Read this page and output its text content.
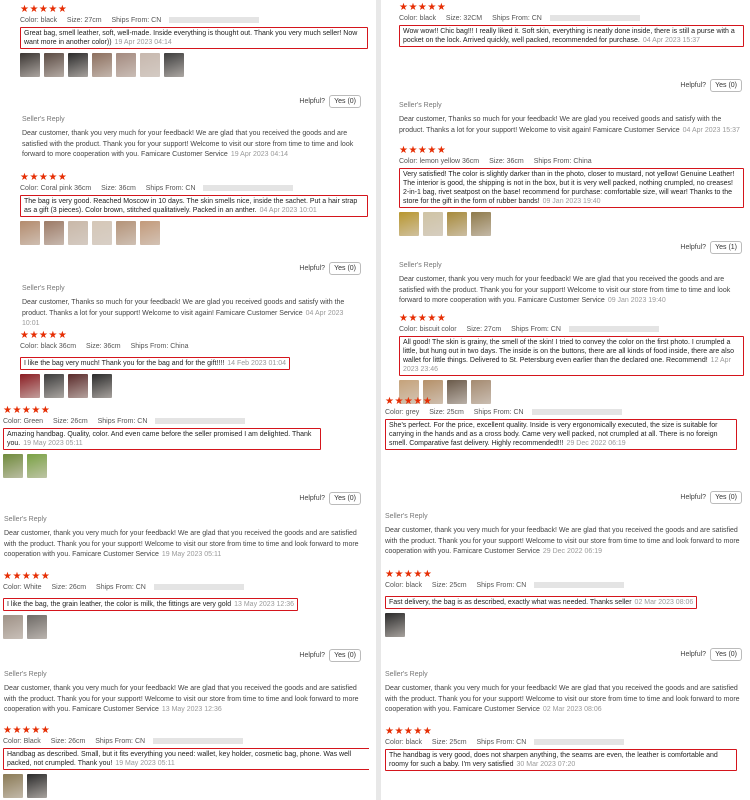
★★★★★
Color: black Size: 27cm Ships From: CN
Great bag, smell leather, soft, well-made. Inside everything is thought out. Thank you very much seller! Now want more in another color)) 19 Apr 2023 04:14
Helpful?	Yes (0)
Seller's Reply
Dear customer, thank you very much for your feedback! We are glad that you received the goods and are satisfied with the product. Thank you for your support! Welcome to visit our store from time to time and look forward to more cooperation with you. Famicare Customer Service 19 Apr 2023 04:14
★★★★★
Color: Coral pink 36cm Size: 36cm Ships From: CN
The bag is very good. Reached Moscow in 10 days. The skin smells nice, inside the sachet. Put a hair strap as a gift (3 pieces). Color brown, stitched qualitatively. Packed in an anther. 04 Apr 2023 10:01
Helpful?	Yes (0)
Seller's Reply
Dear customer, Thanks so much for your feedback! We are glad you received goods and satisfy with the product. Thanks a lot for your support! Welcome to visit again! Famicare Customer Service 04 Apr 2023 10:01
★★★★★
Color: black 36cm Size: 36cm Ships From: China
I like the bag very much! Thank you for the bag and for the gift!!!! 14 Feb 2023 01:04
★★★★★
Color: Green Size: 26cm Ships From: CN
Amazing handbag. Quality, color. And even came before the seller promised I am delighted. Thank you. 19 May 2023 05:11
Helpful?	Yes (0)
Seller's Reply
Dear customer, thank you very much for your feedback! We are glad that you received the goods and are satisfied with the product. Thank you for your support! Welcome to visit our store from time to time and look forward to more cooperation with you. Famicare Customer Service 19 May 2023 05:11
★★★★★
Color: White Size: 26cm Ships From: CN
I like the bag, the grain leather, the color is milk, the fittings are very gold 13 May 2023 12:36
Helpful?	Yes (0)
Seller's Reply
Dear customer, thank you very much for your feedback! We are glad that you received the goods and are satisfied with the product. Thank you for your support! Welcome to visit our store from time to time and look forward to more cooperation with you. Famicare Customer Service 13 May 2023 12:36
★★★★★
Color: Black Size: 26cm Ships From: CN
Handbag as described. Small, but it fits everything you need: wallet, key holder, cosmetic bag, phone. Was well packed, not crumpled. Thank you! 19 May 2023 05:11
★★★★★
Color: black Size: 32CM Ships From: CN
Wow wow!! Chic bag!!! I really liked it. Soft skin, everything is neatly done inside, there is still a purse with a pocket on the lock. Arrived quickly, well packed, recommended for purchase. 04 Apr 2023 15:37
Helpful?	Yes (0)
Seller's Reply
Dear customer, Thanks so much for your feedback! We are glad you received goods and satisfy with the product. Thanks a lot for your support! Welcome to visit again! Famicare Customer Service 04 Apr 2023 15:37
★★★★★
Color: lemon yellow 36cm Size: 36cm Ships From: China
Very satisfied! The color is slightly darker than in the photo, closer to mustard, not yellow! Genuine Leather! The interior is good, the shipping is not in the box, but it is very well packed, nothing crumpled, no creases! 2-in-1 bag, rivet seatpost on the base! recommend for purchase: comfortable size, will wear! Thanks to the store for the gift in the form of rubber bands! 09 Jan 2023 19:40
Helpful?	Yes (1)
Seller's Reply
Dear customer, thank you very much for your feedback! We are glad that you received the goods and are satisfied with the product. Thank you for your support! Welcome to visit our store from time to time and look forward to more cooperation with you. Famicare Customer Service 09 Jan 2023 19:40
★★★★★
Color: biscuit color Size: 27cm Ships From: CN
All good! The skin is grainy, the smell of the skin! I tried to convey the color on the first photo. I crumpled a little, but hung out in two days. The inside is on the buttons, there are all kinds of food inside, there are also wallet for little things. Delivered to St. Petersburg even earlier than the declared one. Recommend! 12 Apr 2023 23:46
★★★★★
Color: grey Size: 25cm Ships From: CN
She's perfect. For the price, excellent quality. Inside is very ergonomically executed, the size is suitable for carrying in the hands and as a cross body. Came very well packed, not crumpled at all. There is no foreign smell. Comparative fast delivery. Highly recommended!!! 29 Dec 2022 06:19
Helpful?	Yes (0)
Seller's Reply
Dear customer, thank you very much for your feedback! We are glad that you received the goods and are satisfied with the product. Thank you for your support! Welcome to visit our store from time to time and look forward to more cooperation with you. Famicare Customer Service 29 Dec 2022 06:19
★★★★★
Color: black Size: 25cm Ships From: CN
Fast delivery, the bag is as described, exactly what was needed. Thanks seller 02 Mar 2023 08:06
Helpful?	Yes (0)
Seller's Reply
Dear customer, thank you very much for your feedback! We are glad that you received the goods and are satisfied with the product. Thank you for your support! Welcome to visit our store from time to time and look forward to more cooperation with you. Famicare Customer Service 02 Mar 2023 08:06
★★★★★
Color: black Size: 25cm Ships From: CN
The handbag is very good, does not sharpen anything, the seams are even, the leather is comfortable and roomy for such a baby. I'm very satisfied 30 Mar 2023 07:20
